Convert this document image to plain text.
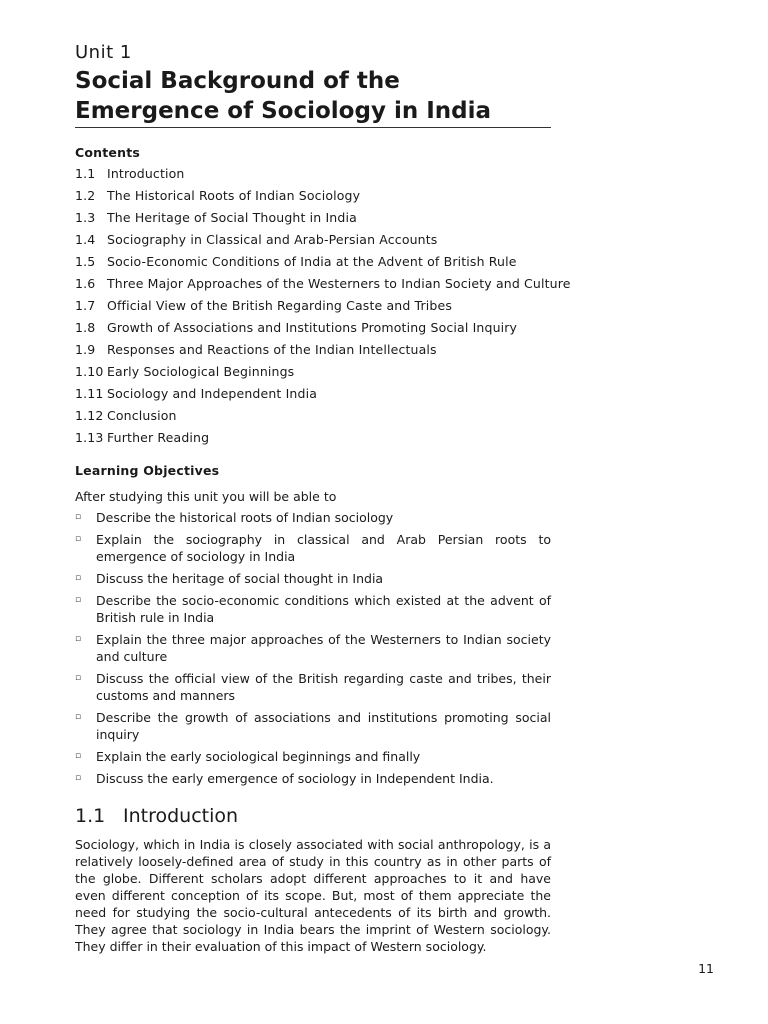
Unit 1
Social Background of the Emergence of Sociology in India
Contents
1.1 Introduction
1.2 The Historical Roots of Indian Sociology
1.3 The Heritage of Social Thought in India
1.4 Sociography in Classical and Arab-Persian Accounts
1.5 Socio-Economic Conditions of India at the Advent of British Rule
1.6 Three Major Approaches of the Westerners to Indian Society and Culture
1.7 Official View of the British Regarding Caste and Tribes
1.8 Growth of Associations and Institutions Promoting Social Inquiry
1.9 Responses and Reactions of the Indian Intellectuals
1.10 Early Sociological Beginnings
1.11 Sociology and Independent India
1.12 Conclusion
1.13 Further Reading
Learning Objectives
After studying this unit you will be able to
▫ Describe the historical roots of Indian sociology
▫ Explain the sociography in classical and Arab Persian roots to emergence of sociology in India
▫ Discuss the heritage of social thought in India
▫ Describe the socio-economic conditions which existed at the advent of British rule in India
▫ Explain the three major approaches of the Westerners to Indian society and culture
▫ Discuss the official view of the British regarding caste and tribes, their customs and manners
▫ Describe the growth of associations and institutions promoting social inquiry
▫ Explain the early sociological beginnings and finally
▫ Discuss the early emergence of sociology in Independent India.
1.1 Introduction

Sociology, which in India is closely associated with social anthropology, is a relatively loosely-defined area of study in this country as in other parts of the globe. Different scholars adopt different approaches to it and have even different conception of its scope. But, most of them appreciate the need for studying the socio-cultural antecedents of its birth and growth. They agree that sociology in India bears the imprint of Western sociology. They differ in their evaluation of this impact of Western sociology.

11
